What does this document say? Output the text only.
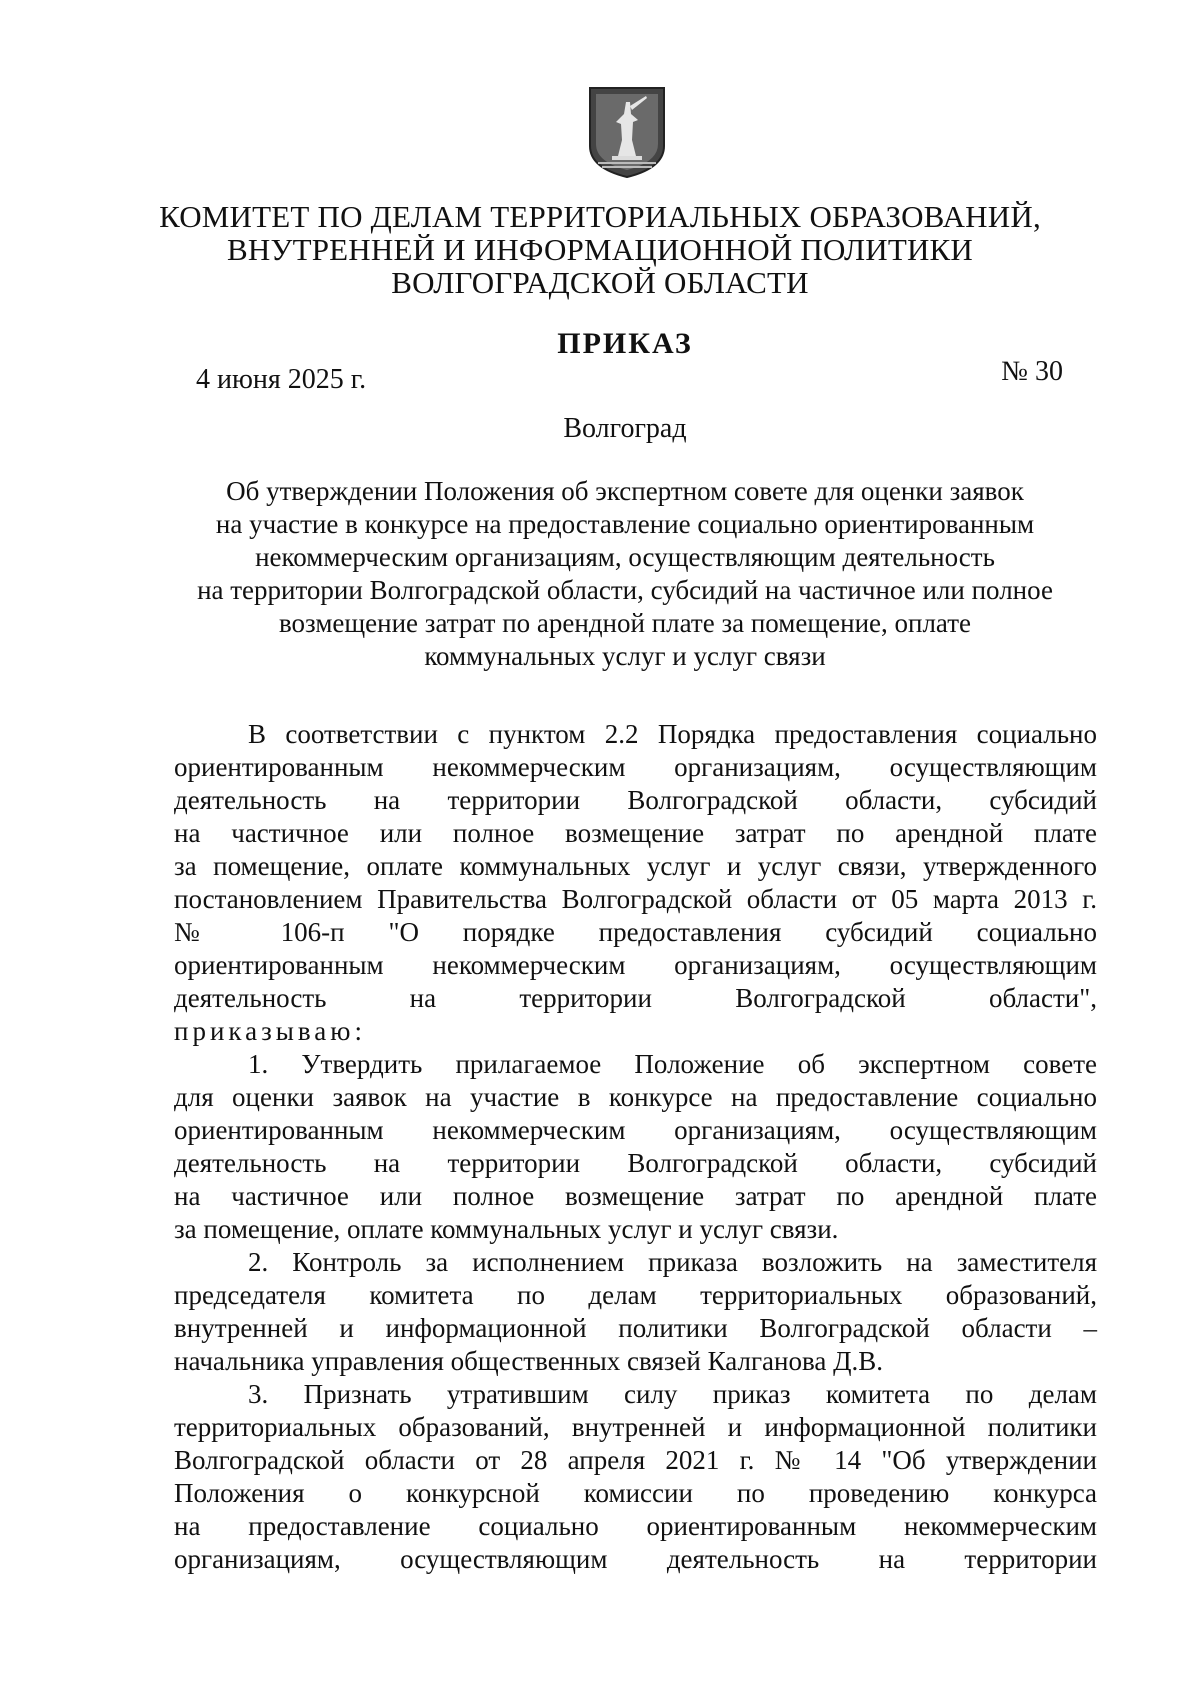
КОМИТЕТ ПО ДЕЛАМ ТЕРРИТОРИАЛЬНЫХ ОБРАЗОВАНИЙ,
ВНУТРЕННЕЙ И ИНФОРМАЦИОННОЙ ПОЛИТИКИ
ВОЛГОГРАДСКОЙ ОБЛАСТИ
ПРИКАЗ
4 июня 2025 г.	№ 30
Волгоград
Об утверждении Положения об экспертном совете для оценки заявок
на участие в конкурсе на предоставление социально ориентированным
некоммерческим организациям, осуществляющим деятельность
на территории Волгоградской области, субсидий на частичное или полное
возмещение затрат по арендной плате за помещение, оплате
коммунальных услуг и услуг связи
В соответствии с пунктом 2.2 Порядка предоставления социально
ориентированным некоммерческим организациям, осуществляющим
деятельность на территории Волгоградской области, субсидий
на частичное или полное возмещение затрат по арендной плате
за помещение, оплате коммунальных услуг и услуг связи, утвержденного
постановлением Правительства Волгоградской области от 05 марта 2013 г.
№ 106-п "О порядке предоставления субсидий социально
ориентированным некоммерческим организациям, осуществляющим
деятельность на территории Волгоградской области",
приказываю:
1. Утвердить прилагаемое Положение об экспертном совете
для оценки заявок на участие в конкурсе на предоставление социально
ориентированным некоммерческим организациям, осуществляющим
деятельность на территории Волгоградской области, субсидий
на частичное или полное возмещение затрат по арендной плате
за помещение, оплате коммунальных услуг и услуг связи.
2. Контроль за исполнением приказа возложить на заместителя
председателя комитета по делам территориальных образований,
внутренней и информационной политики Волгоградской области –
начальника управления общественных связей Калганова Д.В.
3. Признать утратившим силу приказ комитета по делам
территориальных образований, внутренней и информационной политики
Волгоградской области от 28 апреля 2021 г. № 14 "Об утверждении
Положения о конкурсной комиссии по проведению конкурса
на предоставление социально ориентированным некоммерческим
организациям, осуществляющим деятельность на территории
